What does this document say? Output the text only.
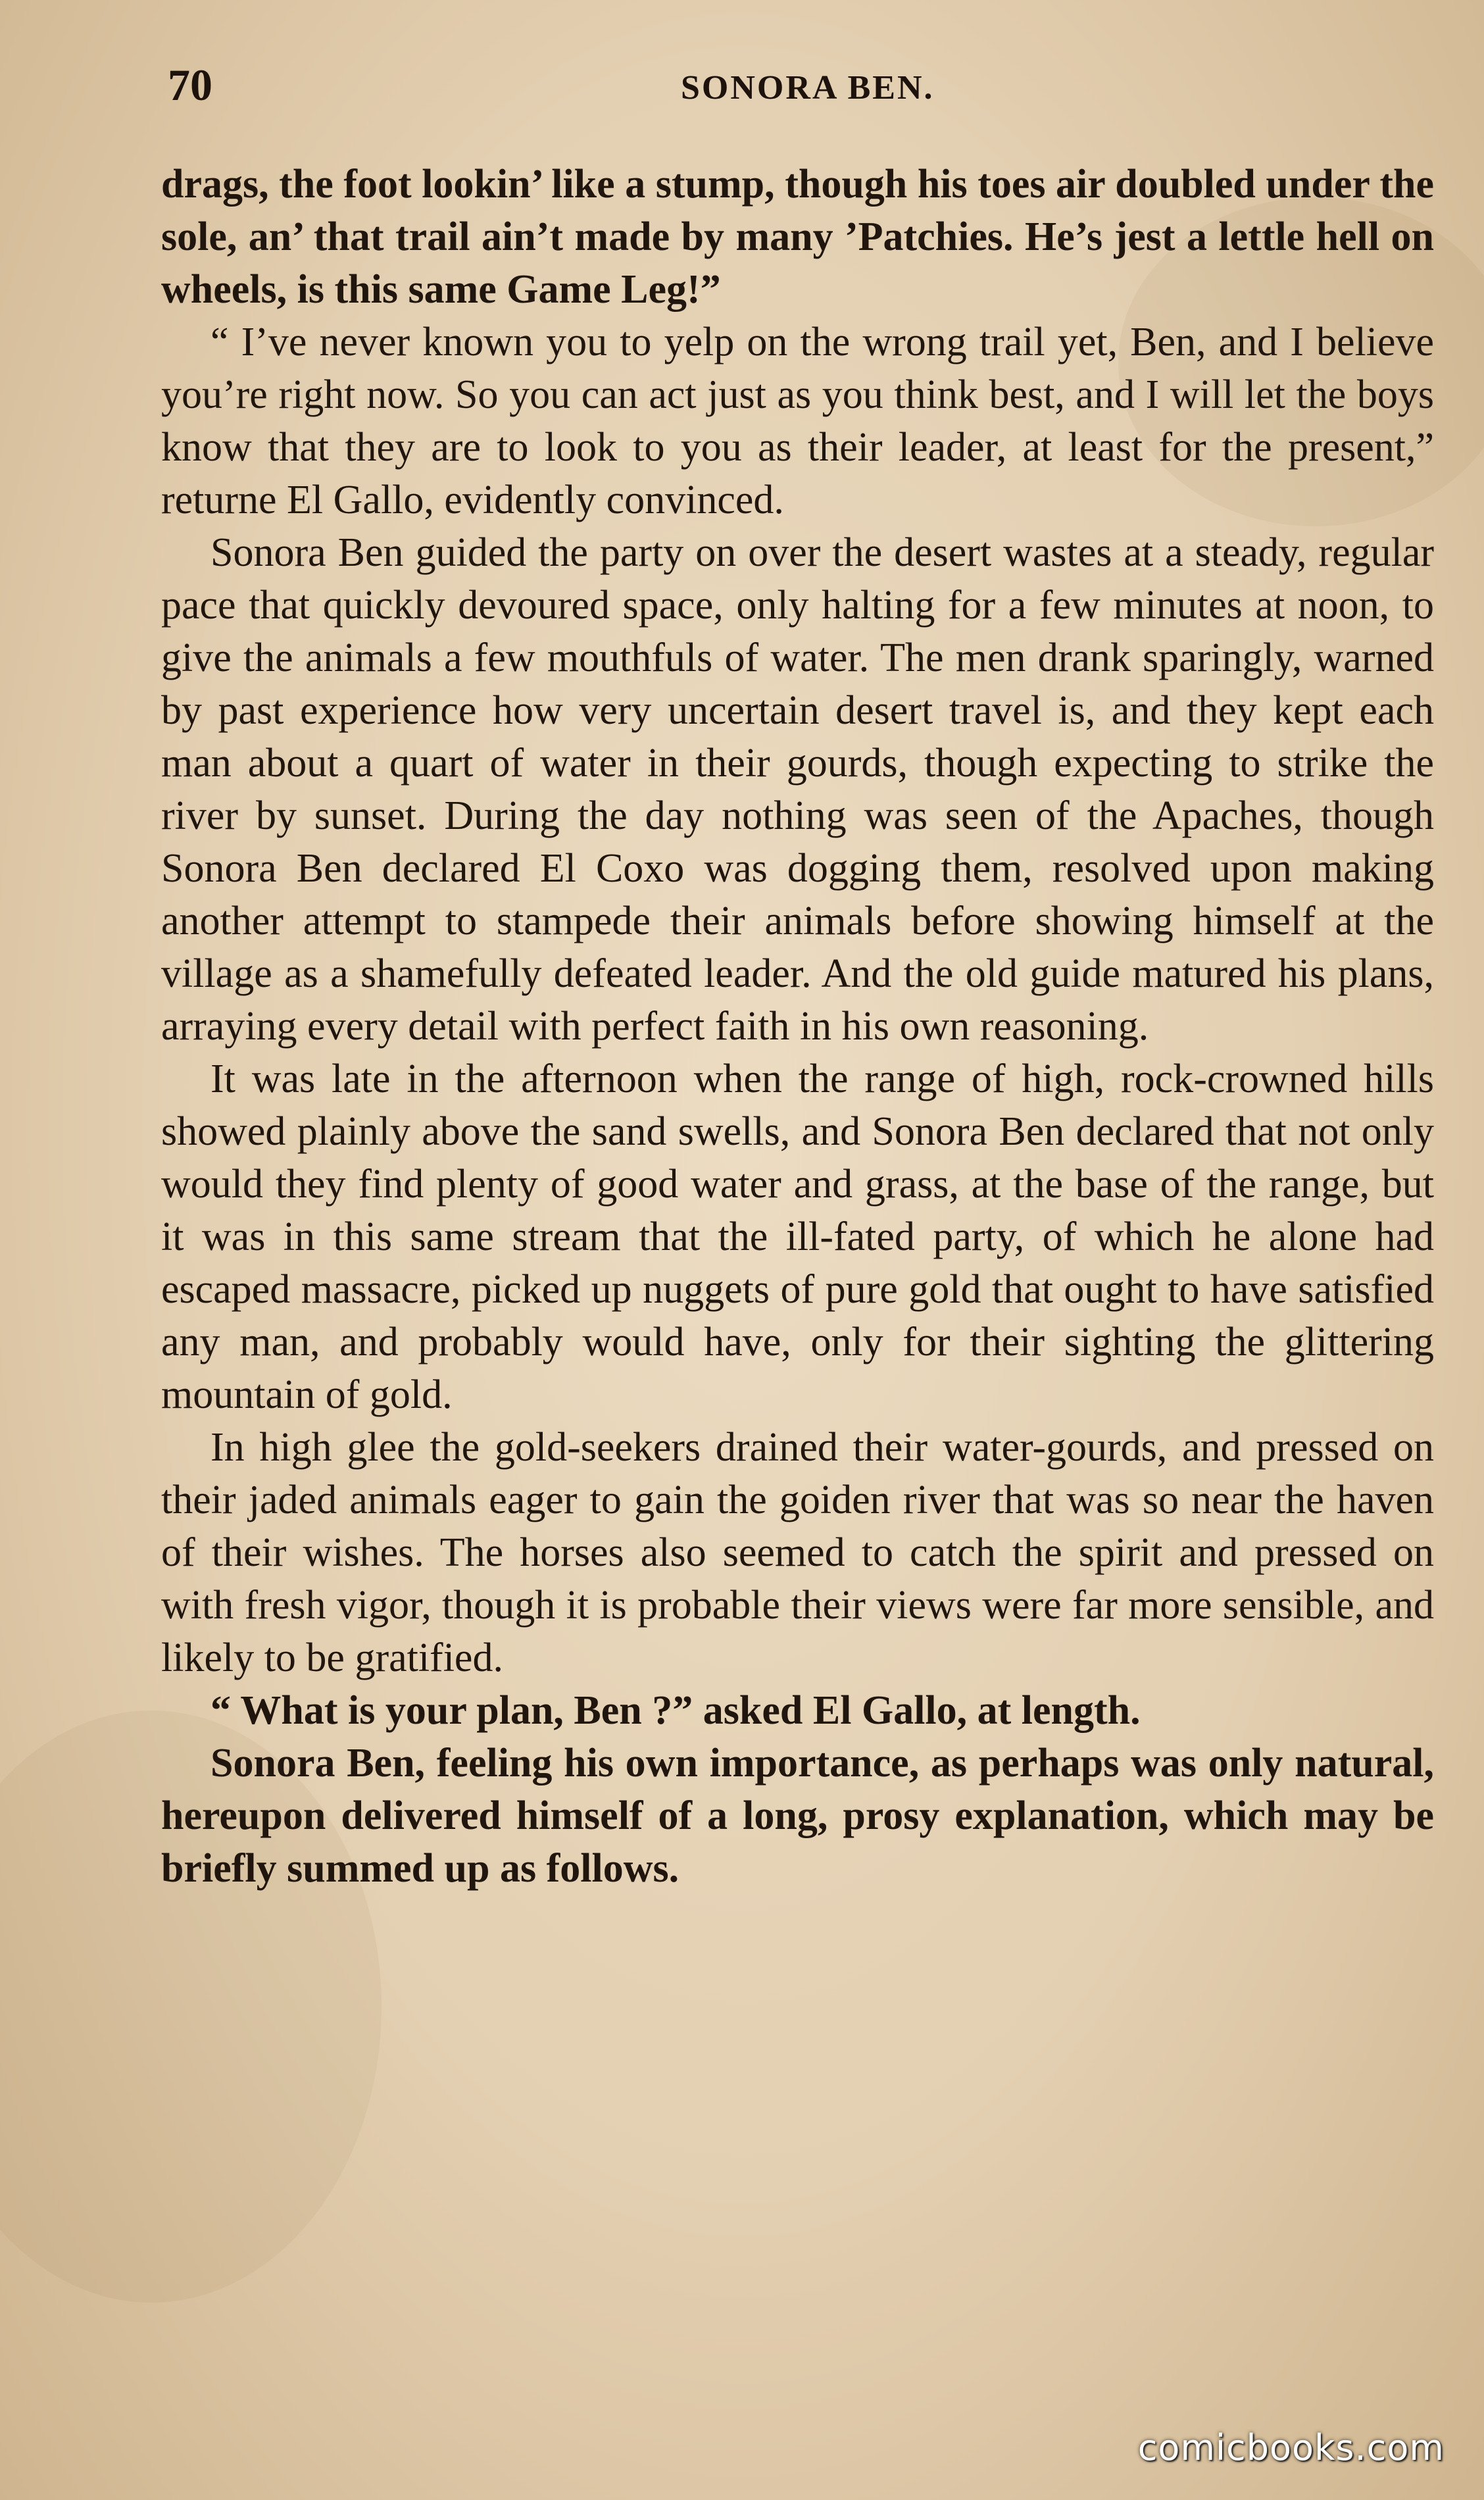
70	SONORA BEN.

drags, the foot lookin’ like a stump, though his toes air doubled under the sole, an’ that trail ain’t made by many ’Patchies. He’s jest a lettle hell on wheels, is this same Game Leg!”

“ I’ve never known you to yelp on the wrong trail yet, Ben, and I believe you’re right now. So you can act just as you think best, and I will let the boys know that they are to look to you as their leader, at least for the present,” returne El Gallo, evidently convinced.

Sonora Ben guided the party on over the desert wastes at a steady, regular pace that quickly devoured space, only halting for a few minutes at noon, to give the animals a few mouthfuls of water. The men drank sparingly, warned by past experience how very uncertain desert travel is, and they kept each man about a quart of water in their gourds, though expecting to strike the river by sunset. During the day nothing was seen of the Apaches, though Sonora Ben declared El Coxo was dogging them, resolved upon making another attempt to stampede their animals before showing himself at the village as a shamefully defeated leader. And the old guide matured his plans, arraying every detail with perfect faith in his own reasoning.

It was late in the afternoon when the range of high, rock-crowned hills showed plainly above the sand swells, and Sonora Ben declared that not only would they find plenty of good water and grass, at the base of the range, but it was in this same stream that the ill-fated party, of which he alone had escaped massacre, picked up nuggets of pure gold that ought to have satisfied any man, and probably would have, only for their sighting the glittering mountain of gold.

In high glee the gold-seekers drained their water-gourds, and pressed on their jaded animals eager to gain the goiden river that was so near the haven of their wishes. The horses also seemed to catch the spirit and pressed on with fresh vigor, though it is probable their views were far more sensible, and likely to be gratified.

“ What is your plan, Ben ?” asked El Gallo, at length.

Sonora Ben, feeling his own importance, as perhaps was only natural, hereupon delivered himself of a long, prosy explanation, which may be briefly summed up as follows.

comicbooks.com
